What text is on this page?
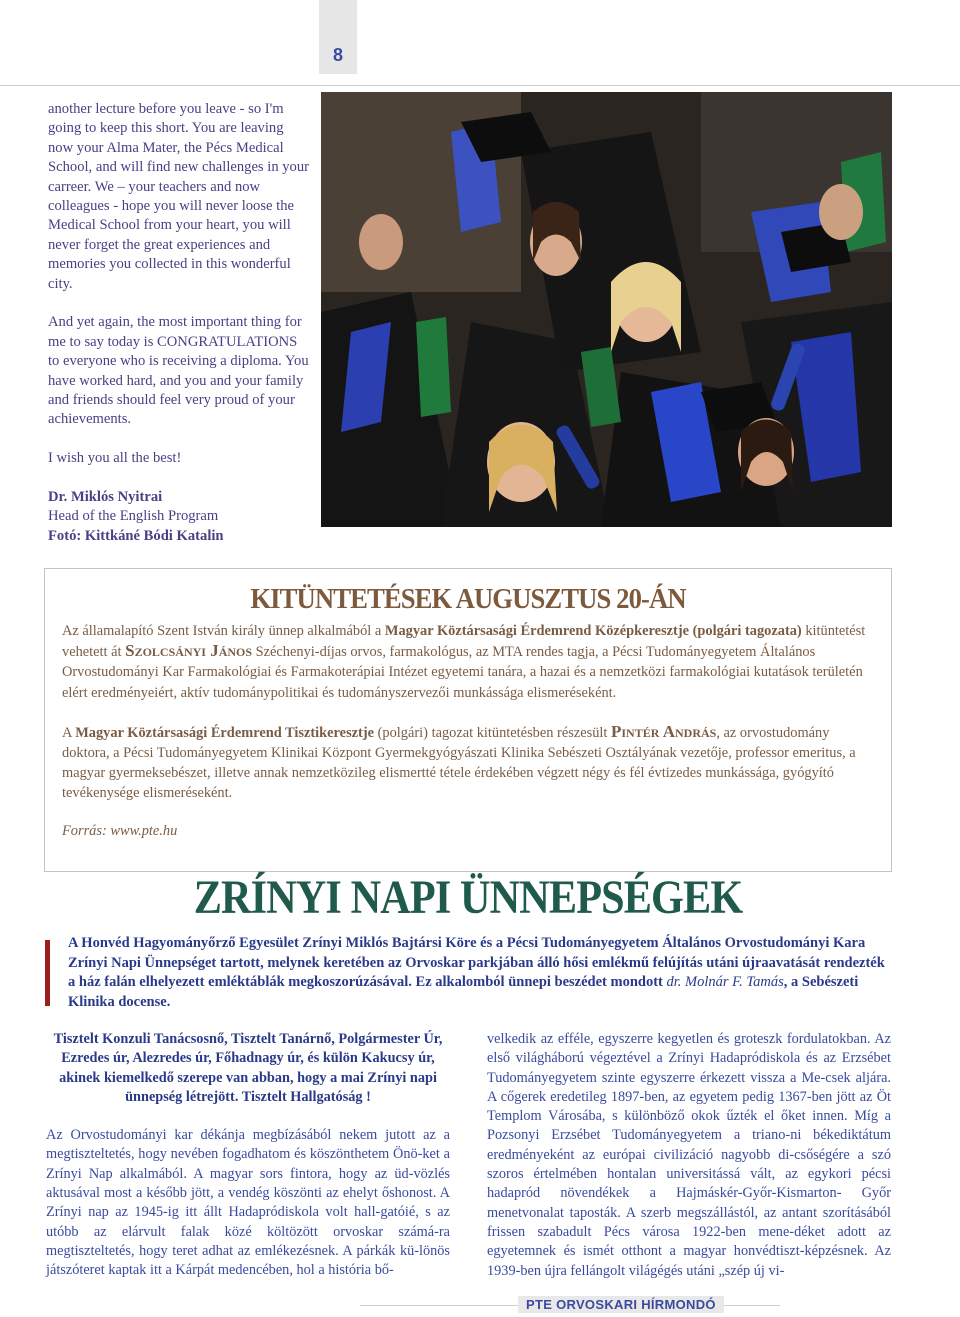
8

another lecture before you leave - so I'm going to keep this short. You are leaving now your Alma Mater, the Pécs Medical School, and will find new challenges in your carreer. We – your teachers and now colleagues - hope you will never loose the Medical School from your heart, you will never forget the great experiences and memories you collected in this wonderful city.

And yet again, the most important thing for me to say today is CONGRATULATIONS to everyone who is receiving a diploma. You have worked hard, and you and your family and friends should feel very proud of your achievements.

I wish you all the best!

Dr. Miklós Nyitrai
Head of the English Program
Fotó: Kittkáné Bódi Katalin

KITÜNTETÉSEK AUGUSZTUS 20-ÁN

Az államalapító Szent István király ünnep alkalmából a Magyar Köztársasági Érdemrend Középkeresztje (polgári tagozata) kitüntetést vehetett át Szolcsányi János Széchenyi-díjas orvos, farmakológus, az MTA rendes tagja, a Pécsi Tudományegyetem Általános Orvostudományi Kar Farmakológiai és Farmakoterápiai Intézet egyetemi tanára, a hazai és a nemzetközi farmakológiai kutatások területén elért eredményeiért, aktív tudománypolitikai és tudományszervezői munkássága elismeréseként.

A Magyar Köztársasági Érdemrend Tisztikeresztje (polgári) tagozat kitüntetésben részesült Pintér András, az orvostudomány doktora, a Pécsi Tudományegyetem Klinikai Központ Gyermekgyógyászati Klinika Sebészeti Osztályának vezetője, professor emeritus, a magyar gyermeksebészet, illetve annak nemzetközileg elismertté tétele érdekében végzett négy és fél évtizedes munkássága, gyógyító tevékenysége elismeréseként.

Forrás: www.pte.hu

ZRÍNYI NAPI ÜNNEPSÉGEK

A Honvéd Hagyományőrző Egyesület Zrínyi Miklós Bajtársi Köre és a Pécsi Tudományegyetem Általános Orvostudományi Kara Zrínyi Napi Ünnepséget tartott, melynek keretében az Orvoskar parkjában álló hősi emlékmű felújítás utáni újraavatását rendezték a ház falán elhelyezett emléktáblák megkoszorúzásával. Ez alkalomból ünnepi beszédet mondott dr. Molnár F. Tamás, a Sebészeti Klinika docense.

Tisztelt Konzuli Tanácsosnő, Tisztelt Tanárnő, Polgármester Úr, Ezredes úr, Alezredes úr, Főhadnagy úr, és külön Kakucsy úr, akinek kiemelkedő szerepe van abban, hogy a mai Zrínyi napi ünnepség létrejött. Tisztelt Hallgatóság !

Az Orvostudományi kar dékánja megbízásából nekem jutott az a megtiszteltetés, hogy nevében fogadhatom és köszönthetem Önö-ket a Zrínyi Nap alkalmából. A magyar sors fintora, hogy az üd-vözlés aktusával most a később jött, a vendég köszönti az ehelyt őshonost. A Zrínyi nap az 1945-ig itt állt Hadapródiskola volt hall-gatóié, s az utóbb az elárvult falak közé költözött orvoskar számá-ra megtiszteltetés, hogy teret adhat az emlékezésnek. A párkák kü-lönös játszóteret kaptak itt a Kárpát medencében, hol a história bő-

velkedik az efféle, egyszerre kegyetlen és groteszk fordulatokban. Az első világháború végeztével a Zrínyi Hadapródiskola és az Erzsébet Tudományegyetem szinte egyszerre érkezett vissza a Me-csek aljára. A cőgerek eredetileg 1897-ben, az egyetem pedig 1367-ben jött az Öt Templom Városába, s különböző okok űzték el őket innen. Míg a Pozsonyi Erzsébet Tudományegyetem a triano-ni békediktátum eredményeként az európai civilizáció nagyobb di-csőségére a szó szoros értelmében hontalan universitássá vált, az egykori pécsi hadapród növendékek a Hajmáskér-Győr-Kismarton- Győr menetvonalat taposták. A szerb megszállástól, az antant szorításából frissen szabadult Pécs városa 1922-ben mene-déket adott az egyetemnek és ismét otthont a magyar honvédtiszt-képzésnek. Az 1939-ben újra fellángolt világégés utáni „szép új vi-

PTE ORVOSKARI HÍRMONDÓ
